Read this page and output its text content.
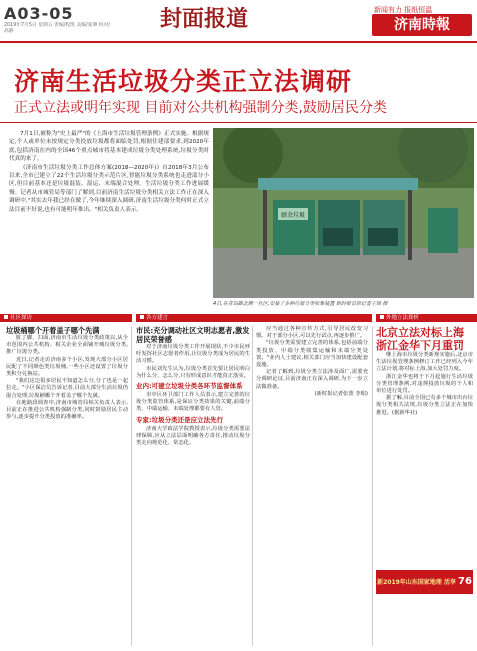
A03-05
2019年7月5日 星期五 责编/程凯 美编/张肇 校对/高静	封面报道	新闻有力 报纸恒温
济南時報
济南生活垃圾分类正立法调研
正式立法或明年实现 目前对公共机构强制分类,鼓励居民分类

7月1日,被称为"史上最严"的《上海市生活垃圾管理条例》正式实施。根据规定,个人或单位未按规定分类投放垃圾都将面临处罚,根据住建部要求,到2020年底,包括济南在内的全国46个重点城市将基本建成垃圾分类处理系统,垃圾分类时代真的来了。

《济南市生活垃圾分类工作总体方案(2018—2020年)》自2018年3月公布以来,全市已建立了22个生活垃圾分类示范片区,智能垃圾分类系统也走进部分小区,但目前基本还是垃圾混装、混运、末端混合处理。生活垃圾分类工作进展缓慢。记者从市城管局等部门了解到,目前济南生活垃圾分类相关立法工作正在深入调研中,"其实去年我已经在做了,今年继续深入调研,济南生活垃圾分类何时正式立法目前不好说,也有可能明年推出。"相关负责人表示。

厨余垃圾
4日,在青岛路北侧一社区,安装了多种垃圾分类收集装置 新时报首席记者王锦 摄
社区探访	各方建言	外地立法探析
垃圾桶哪个开着盖子哪个先满

脏了脚、扫面,济南市生活垃圾分类政策以,从全市范围内公共机构、相关企业全面铺开城垃圾分类,推广垃圾分类。

近日,记者走访济南多个小区,发现大部分小区居民配了不同颜色类垃圾桶,一些小区还设置了垃圾分类积分兑换站。

"我们这边很多居民不知道怎么分,分了也是一起拉走。"小区保洁员告诉记者,目前大部分生活垃圾仍混合处理,垃圾桶哪个开着盖子哪个先满。

在地路段调查中,济南市城管局相关负责人表示,目前正在推进公共机构强制分类,同时鼓励居民主动参与,逐步提升分类投放的准确率。

市民:充分调动社区文明志愿者,激发居民荣誉感

对于济南垃圾分类工作开展现状,不少市民呼吁发挥社区志愿者作用,让垃圾分类成为居民的生活习惯。

市民刘先生认为,垃圾分类首先要让居民明白为什么分、怎么分,只有形成意识才能真正落实。

业内:可建立垃圾分类各环节监督体系

市中区环卫部门工作人员表示,建立完善的垃圾分类监管体系,是保证分类效果的关键,前端分类、中端运输、末端处理都要有人管。

专家:垃圾分类还是应立法先行

济南大学政法学院教授表示,垃圾分类需要法律保障,应从立法层面明确各方责任,推动垃圾分类走向规范化、常态化。

应当通过各种宣传方式,引导居民改变习惯。对于部分小区,可以先行试点,再逐步推广。

"垃圾分类需要建立完善的体系,包括前端分类投放、中端分类收集运输和末端分类处置。"业内人士建议,相关部门应当加快建设配套设施。

记者了解到,垃圾分类立法涉及面广,需要充分调研论证,目前济南正在深入调研,为下一步立法做准备。

(新时报记者张蕾 李昭)

北京立法对标上海 浙江金华下月重罚

继上海市垃圾分类新规实施后,北京市生活垃圾管理条例修订工作已经列入今年立法计划,将对标上海,加大处罚力度。

浙江金华也将于下月起施行生活垃圾分类管理条例,对违规投放垃圾的个人和单位进行处罚。

据了解,目前全国已有多个城市出台垃圾分类相关法规,垃圾分类立法正在加快推进。(据新华社)

新2019年山东国家地理 活享 76元
